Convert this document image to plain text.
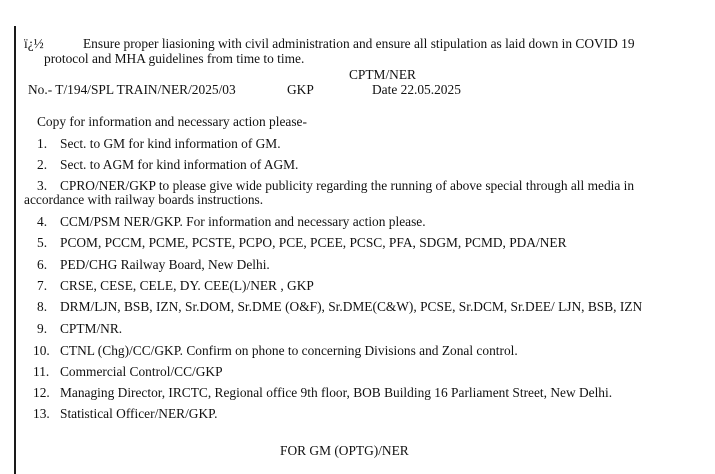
ï¿½	Ensure proper liasioning with civil administration and ensure all stipulation as laid down in COVID 19
protocol and MHA guidelines from time to time.
CPTM/NER
No.- T/194/SPL TRAIN/NER/2025/03	GKP	Date 22.05.2025
Copy for information and necessary action please-
1. Sect. to GM for kind information of GM.
2. Sect. to AGM for kind information of AGM.
3. CPRO/NER/GKP to please give wide publicity regarding the running of above special through all media in
accordance with railway boards instructions.
4. CCM/PSM NER/GKP. For information and necessary action please.
5. PCOM, PCCM, PCME, PCSTE, PCPO, PCE, PCEE, PCSC, PFA, SDGM, PCMD, PDA/NER
6. PED/CHG Railway Board, New Delhi.
7. CRSE, CESE, CELE, DY. CEE(L)/NER , GKP
8. DRM/LJN, BSB, IZN, Sr.DOM, Sr.DME (O&F), Sr.DME(C&W), PCSE, Sr.DCM, Sr.DEE/ LJN, BSB, IZN
9. CPTM/NR.
10. CTNL (Chg)/CC/GKP. Confirm on phone to concerning Divisions and Zonal control.
11. Commercial Control/CC/GKP
12. Managing Director, IRCTC, Regional office 9th floor, BOB Building 16 Parliament Street, New Delhi.
13. Statistical Officer/NER/GKP.
FOR GM (OPTG)/NER
